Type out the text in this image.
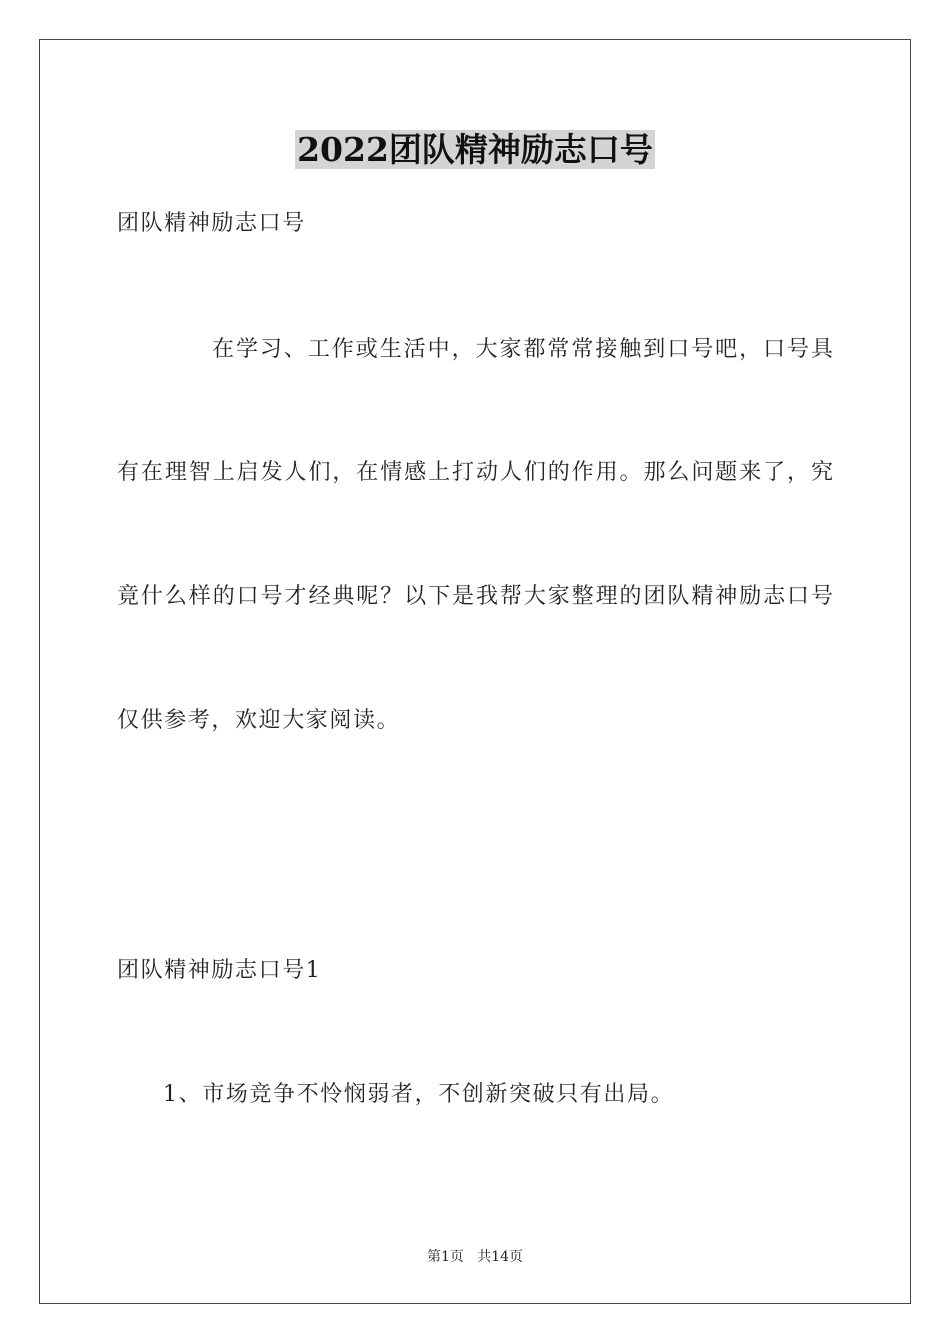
2022团队精神励志口号
团队精神励志口号
在学习、工作或生活中，大家都常常接触到口号吧，口号具
有在理智上启发人们，在情感上打动人们的作用。那么问题来了，究
竟什么样的口号才经典呢？以下是我帮大家整理的团队精神励志口号
仅供参考，欢迎大家阅读。
团队精神励志口号1
1、市场竞争不怜悯弱者，不创新突破只有出局。
第1页   共14页
